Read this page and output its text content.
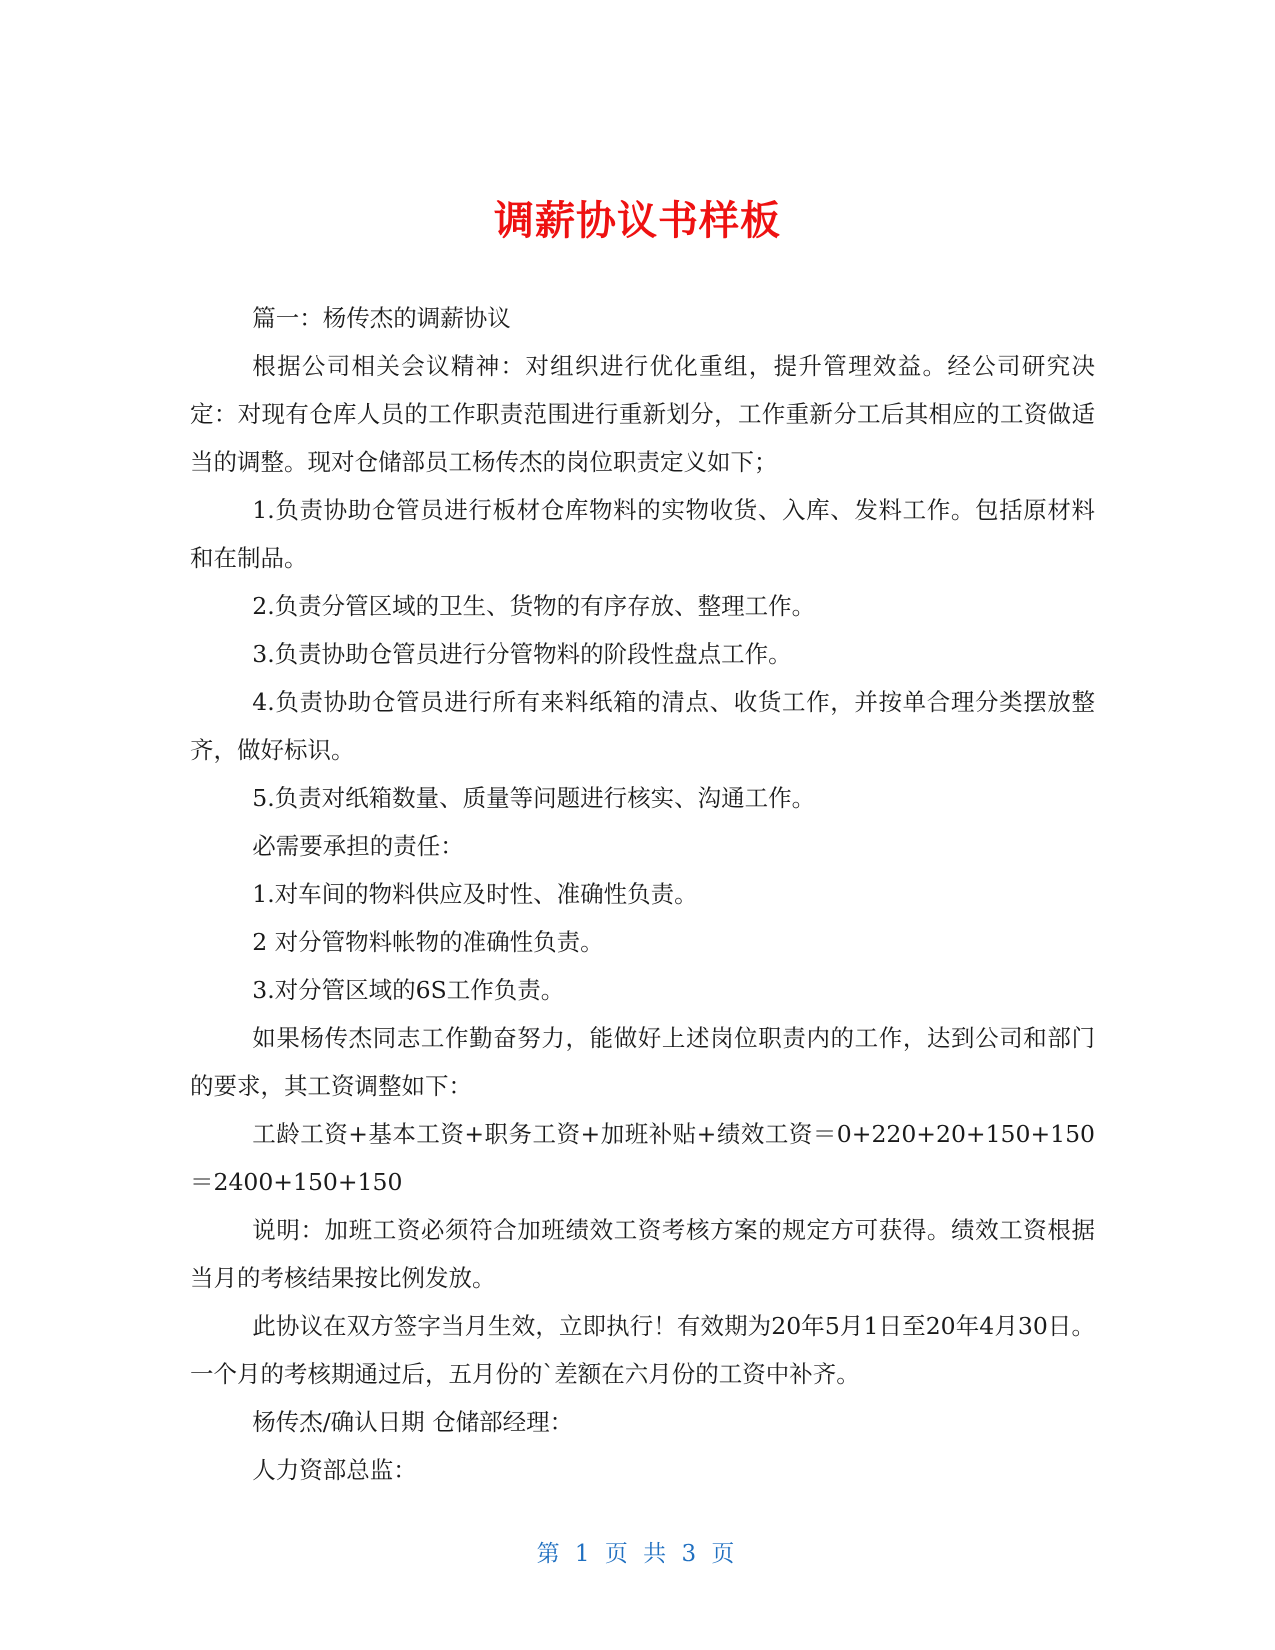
调薪协议书样板

篇一：杨传杰的调薪协议

根据公司相关会议精神：对组织进行优化重组，提升管理效益。经公司研究决定：对现有仓库人员的工作职责范围进行重新划分，工作重新分工后其相应的工资做适当的调整。现对仓储部员工杨传杰的岗位职责定义如下；

1.负责协助仓管员进行板材仓库物料的实物收货、入库、发料工作。包括原材料和在制品。

2.负责分管区域的卫生、货物的有序存放、整理工作。

3.负责协助仓管员进行分管物料的阶段性盘点工作。

4.负责协助仓管员进行所有来料纸箱的清点、收货工作，并按单合理分类摆放整齐，做好标识。

5.负责对纸箱数量、质量等问题进行核实、沟通工作。

必需要承担的责任：

1.对车间的物料供应及时性、准确性负责。

2 对分管物料帐物的准确性负责。

3.对分管区域的6S工作负责。

如果杨传杰同志工作勤奋努力，能做好上述岗位职责内的工作，达到公司和部门的要求，其工资调整如下：

工龄工资+基本工资+职务工资+加班补贴+绩效工资＝0+220+20+150+150＝2400+150+150

说明：加班工资必须符合加班绩效工资考核方案的规定方可获得。绩效工资根据当月的考核结果按比例发放。

此协议在双方签字当月生效，立即执行！有效期为20年5月1日至20年4月30日。一个月的考核期通过后，五月份的`差额在六月份的工资中补齐。

杨传杰/确认日期 仓储部经理：

人力资部总监：

第 1 页 共 3 页
